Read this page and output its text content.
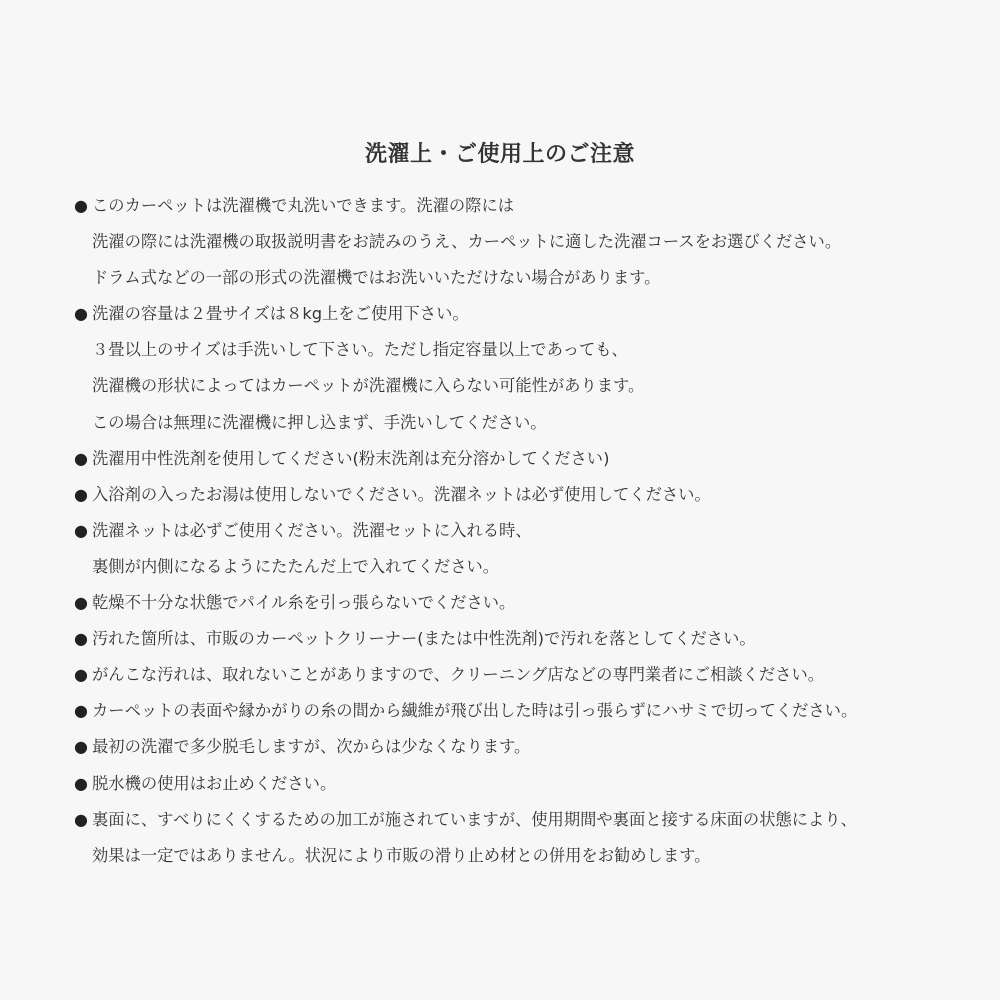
洗濯上・ご使用上のご注意
● このカーペットは洗濯機で丸洗いできます。洗濯の際には
洗濯の際には洗濯機の取扱説明書をお読みのうえ、カーペットに適した洗濯コースをお選びください。
ドラム式などの一部の形式の洗濯機ではお洗いいただけない場合があります。
● 洗濯の容量は２畳サイズは８kg上をご使用下さい。
３畳以上のサイズは手洗いして下さい。ただし指定容量以上であっても、
洗濯機の形状によってはカーペットが洗濯機に入らない可能性があります。
この場合は無理に洗濯機に押し込まず、手洗いしてください。
● 洗濯用中性洗剤を使用してください(粉末洗剤は充分溶かしてください)
● 入浴剤の入ったお湯は使用しないでください。洗濯ネットは必ず使用してください。
● 洗濯ネットは必ずご使用ください。洗濯セットに入れる時、
裏側が内側になるようにたたんだ上で入れてください。
● 乾燥不十分な状態でパイル糸を引っ張らないでください。
● 汚れた箇所は、市販のカーペットクリーナー(または中性洗剤)で汚れを落としてください。
● がんこな汚れは、取れないことがありますので、クリーニング店などの専門業者にご相談ください。
● カーペットの表面や縁かがりの糸の間から繊維が飛び出した時は引っ張らずにハサミで切ってください。
● 最初の洗濯で多少脱毛しますが、次からは少なくなります。
● 脱水機の使用はお止めください。
● 裏面に、すべりにくくするための加工が施されていますが、使用期間や裏面と接する床面の状態により、
効果は一定ではありません。状況により市販の滑り止め材との併用をお勧めします。
